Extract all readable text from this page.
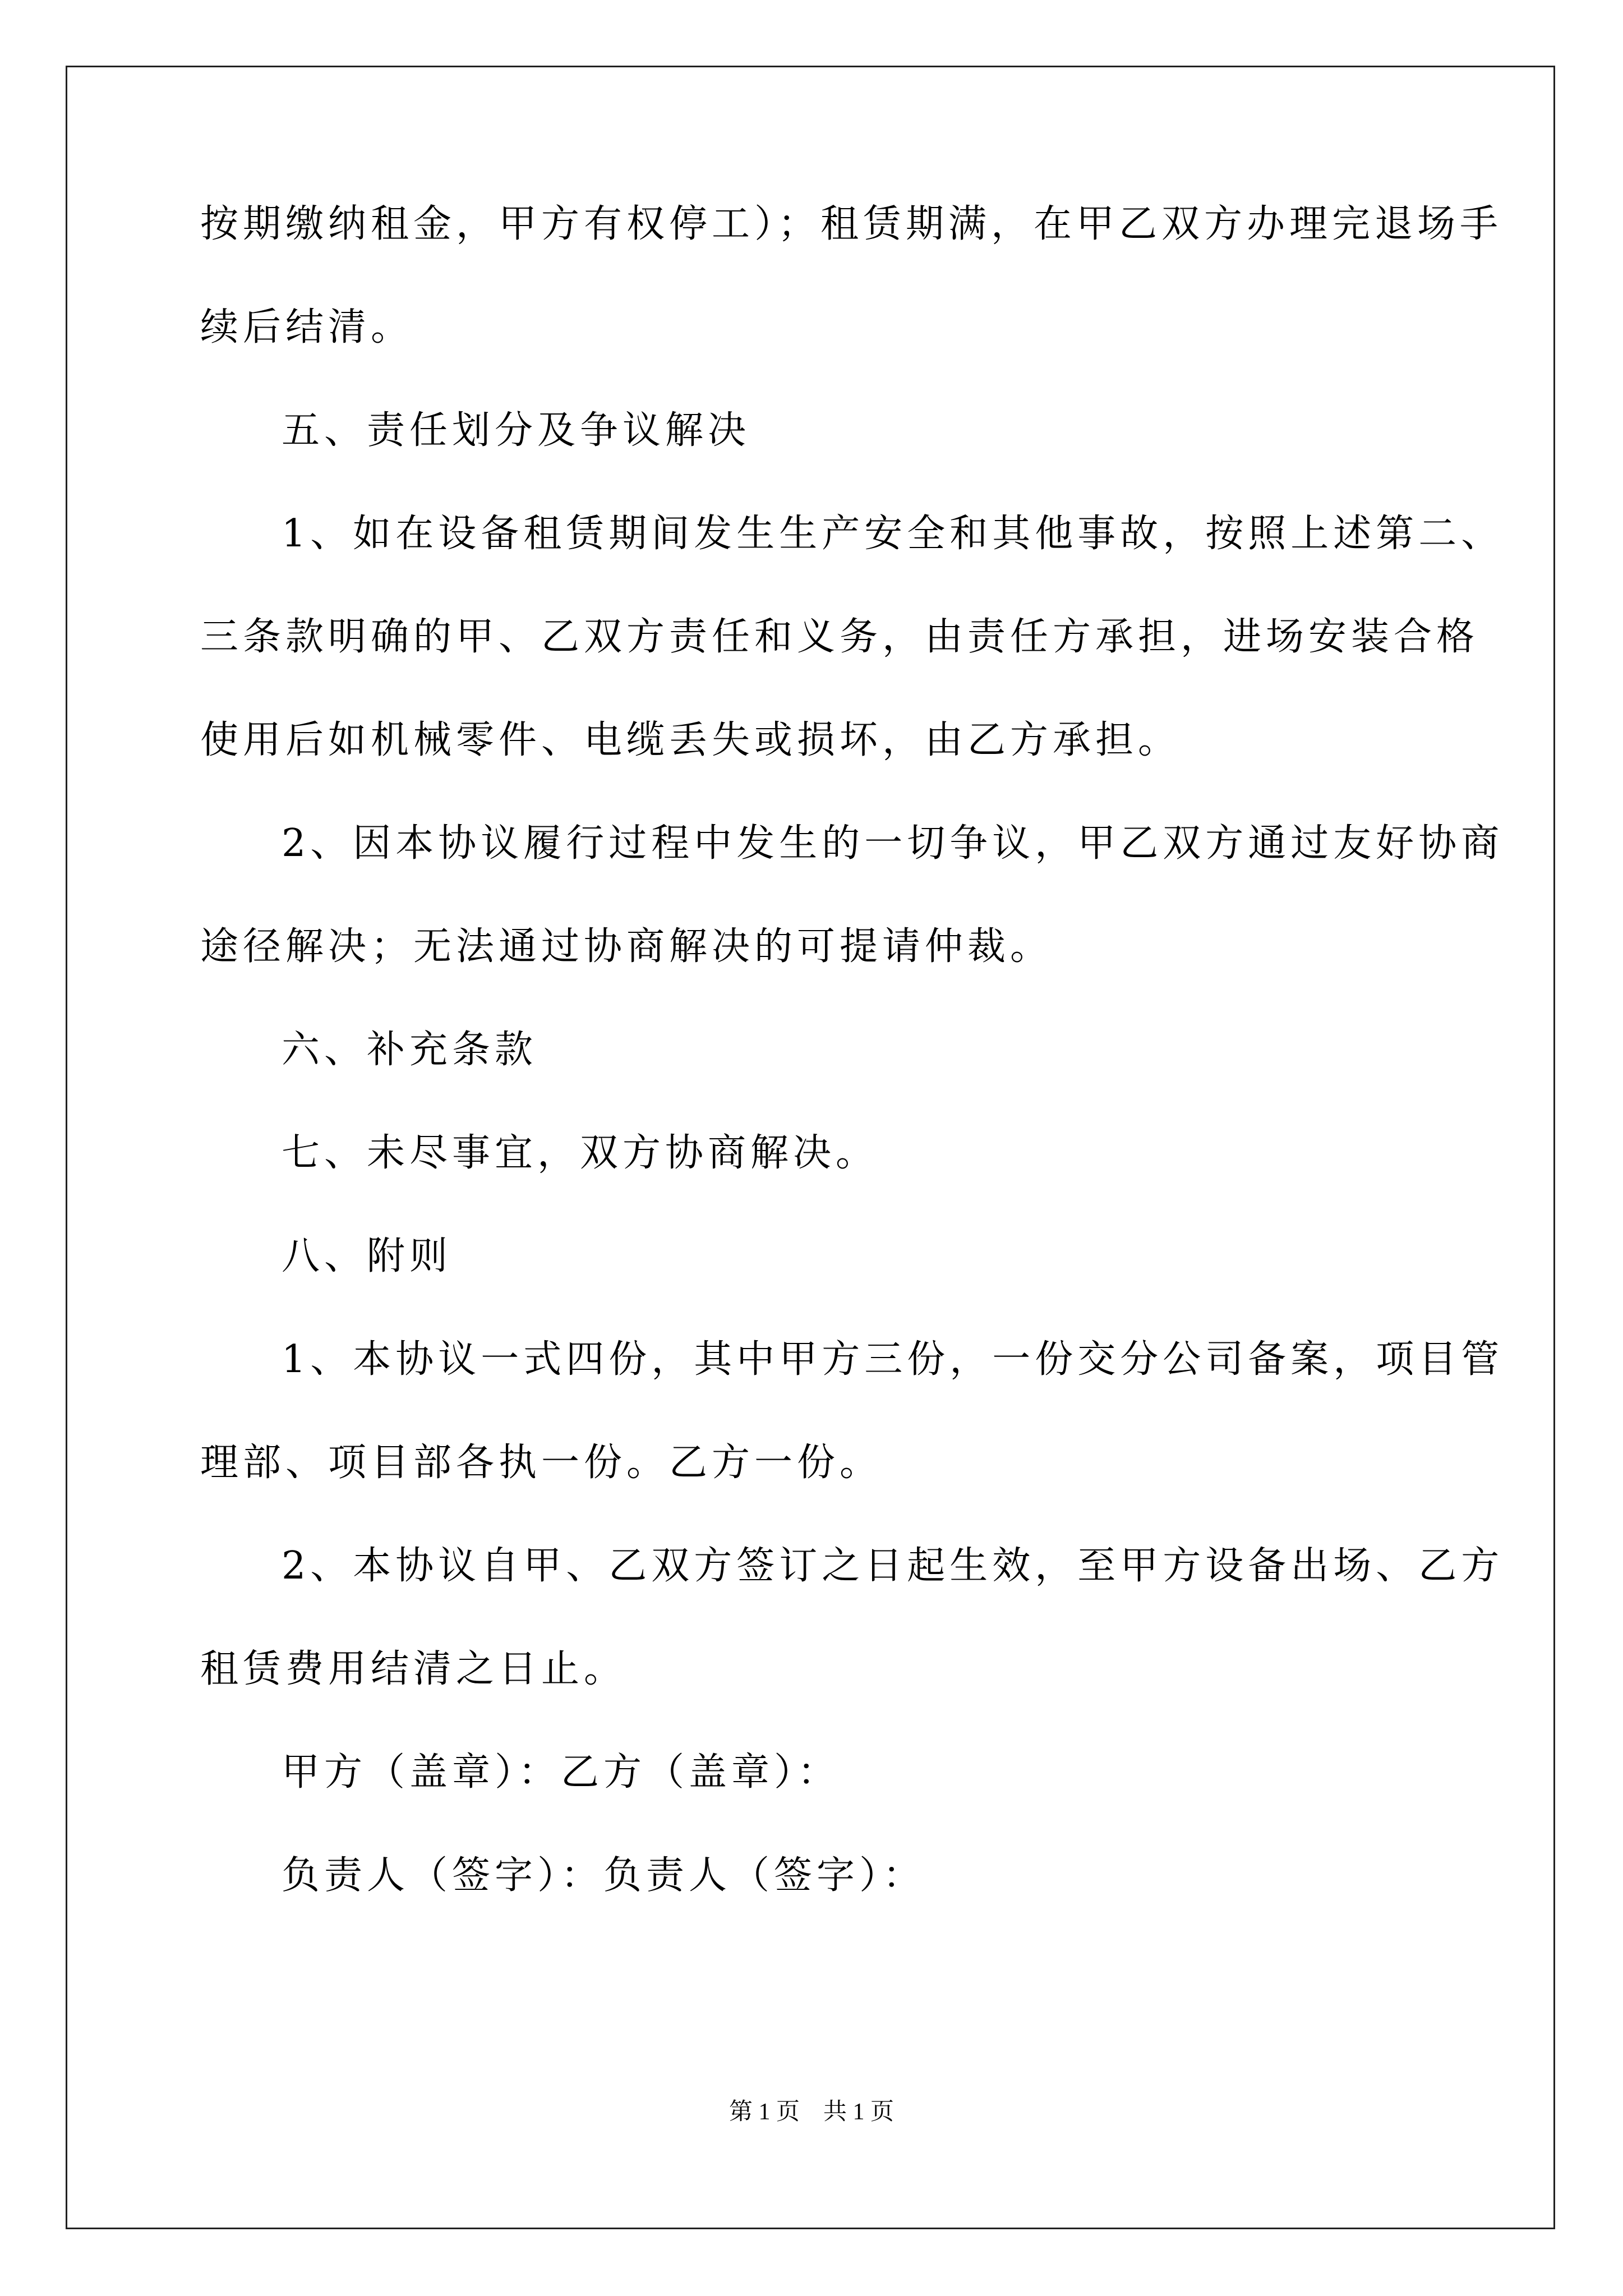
按期缴纳租金，甲方有权停工）；租赁期满，在甲乙双方办理完退场手
续后结清。
五、责任划分及争议解决
1、如在设备租赁期间发生生产安全和其他事故，按照上述第二、
三条款明确的甲、乙双方责任和义务，由责任方承担，进场安装合格
使用后如机械零件、电缆丢失或损坏，由乙方承担。
2、因本协议履行过程中发生的一切争议，甲乙双方通过友好协商
途径解决；无法通过协商解决的可提请仲裁。
六、补充条款
七、未尽事宜，双方协商解决。
八、附则
1、本协议一式四份，其中甲方三份，一份交分公司备案，项目管
理部、项目部各执一份。乙方一份。
2、本协议自甲、乙双方签订之日起生效，至甲方设备出场、乙方
租赁费用结清之日止。
甲方（盖章）：乙方（盖章）：
负责人（签字）：负责人（签字）：
第 1 页    共 1 页
